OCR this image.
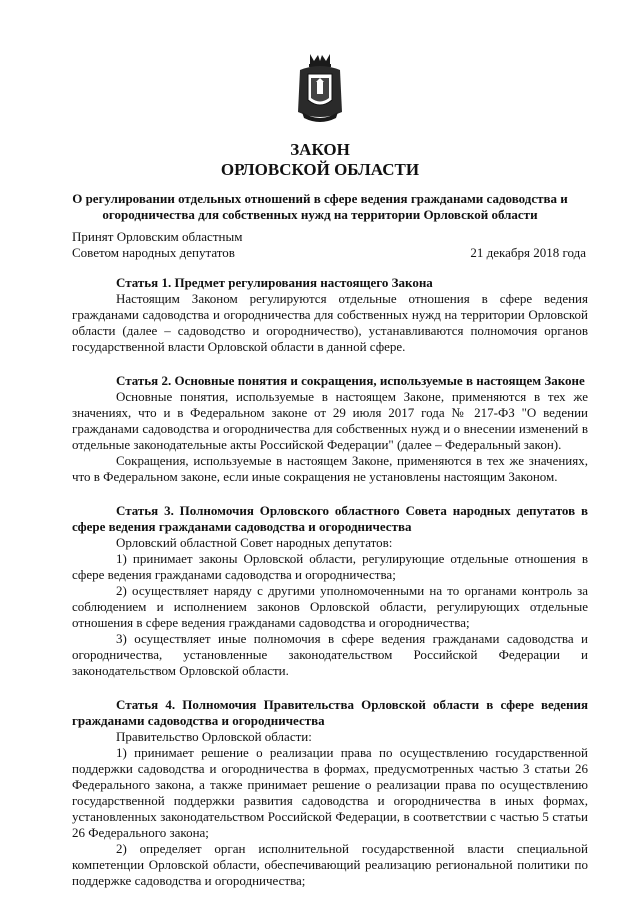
ЗАКОН
ОРЛОВСКОЙ ОБЛАСТИ
О регулировании отдельных отношений в сфере ведения гражданами садоводства и огородничества для собственных нужд на территории Орловской области
Принят Орловским областным
Советом народных депутатов	21 декабря 2018 года
Статья 1. Предмет регулирования настоящего Закона

Настоящим Законом регулируются отдельные отношения в сфере ведения гражданами садоводства и огородничества для собственных нужд на территории Орловской области (далее – садоводство и огородничество), устанавливаются полномочия органов государственной власти Орловской области в данной сфере.

Статья 2. Основные понятия и сокращения, используемые в настоящем Законе

Основные понятия, используемые в настоящем Законе, применяются в тех же значениях, что и в Федеральном законе от 29 июля 2017 года № 217-ФЗ "О ведении гражданами садоводства и огородничества для собственных нужд и о внесении изменений в отдельные законодательные акты Российской Федерации" (далее – Федеральный закон).

Сокращения, используемые в настоящем Законе, применяются в тех же значениях, что в Федеральном законе, если иные сокращения не установлены настоящим Законом.

Статья 3. Полномочия Орловского областного Совета народных депутатов в сфере ведения гражданами садоводства и огородничества

Орловский областной Совет народных депутатов:

1) принимает законы Орловской области, регулирующие отдельные отношения в сфере ведения гражданами садоводства и огородничества;

2) осуществляет наряду с другими уполномоченными на то органами контроль за соблюдением и исполнением законов Орловской области, регулирующих отдельные отношения в сфере ведения гражданами садоводства и огородничества;

3) осуществляет иные полномочия в сфере ведения гражданами садоводства и огородничества, установленные законодательством Российской Федерации и законодательством Орловской области.

Статья 4. Полномочия Правительства Орловской области в сфере ведения гражданами садоводства и огородничества

Правительство Орловской области:

1) принимает решение о реализации права по осуществлению государственной поддержки садоводства и огородничества в формах, предусмотренных частью 3 статьи 26 Федерального закона, а также принимает решение о реализации права по осуществлению государственной поддержки развития садоводства и огородничества в иных формах, установленных законодательством Российской Федерации, в соответствии с частью 5 статьи 26 Федерального закона;

2) определяет орган исполнительной государственной власти специальной компетенции Орловской области, обеспечивающий реализацию региональной политики по поддержке садоводства и огородничества;
